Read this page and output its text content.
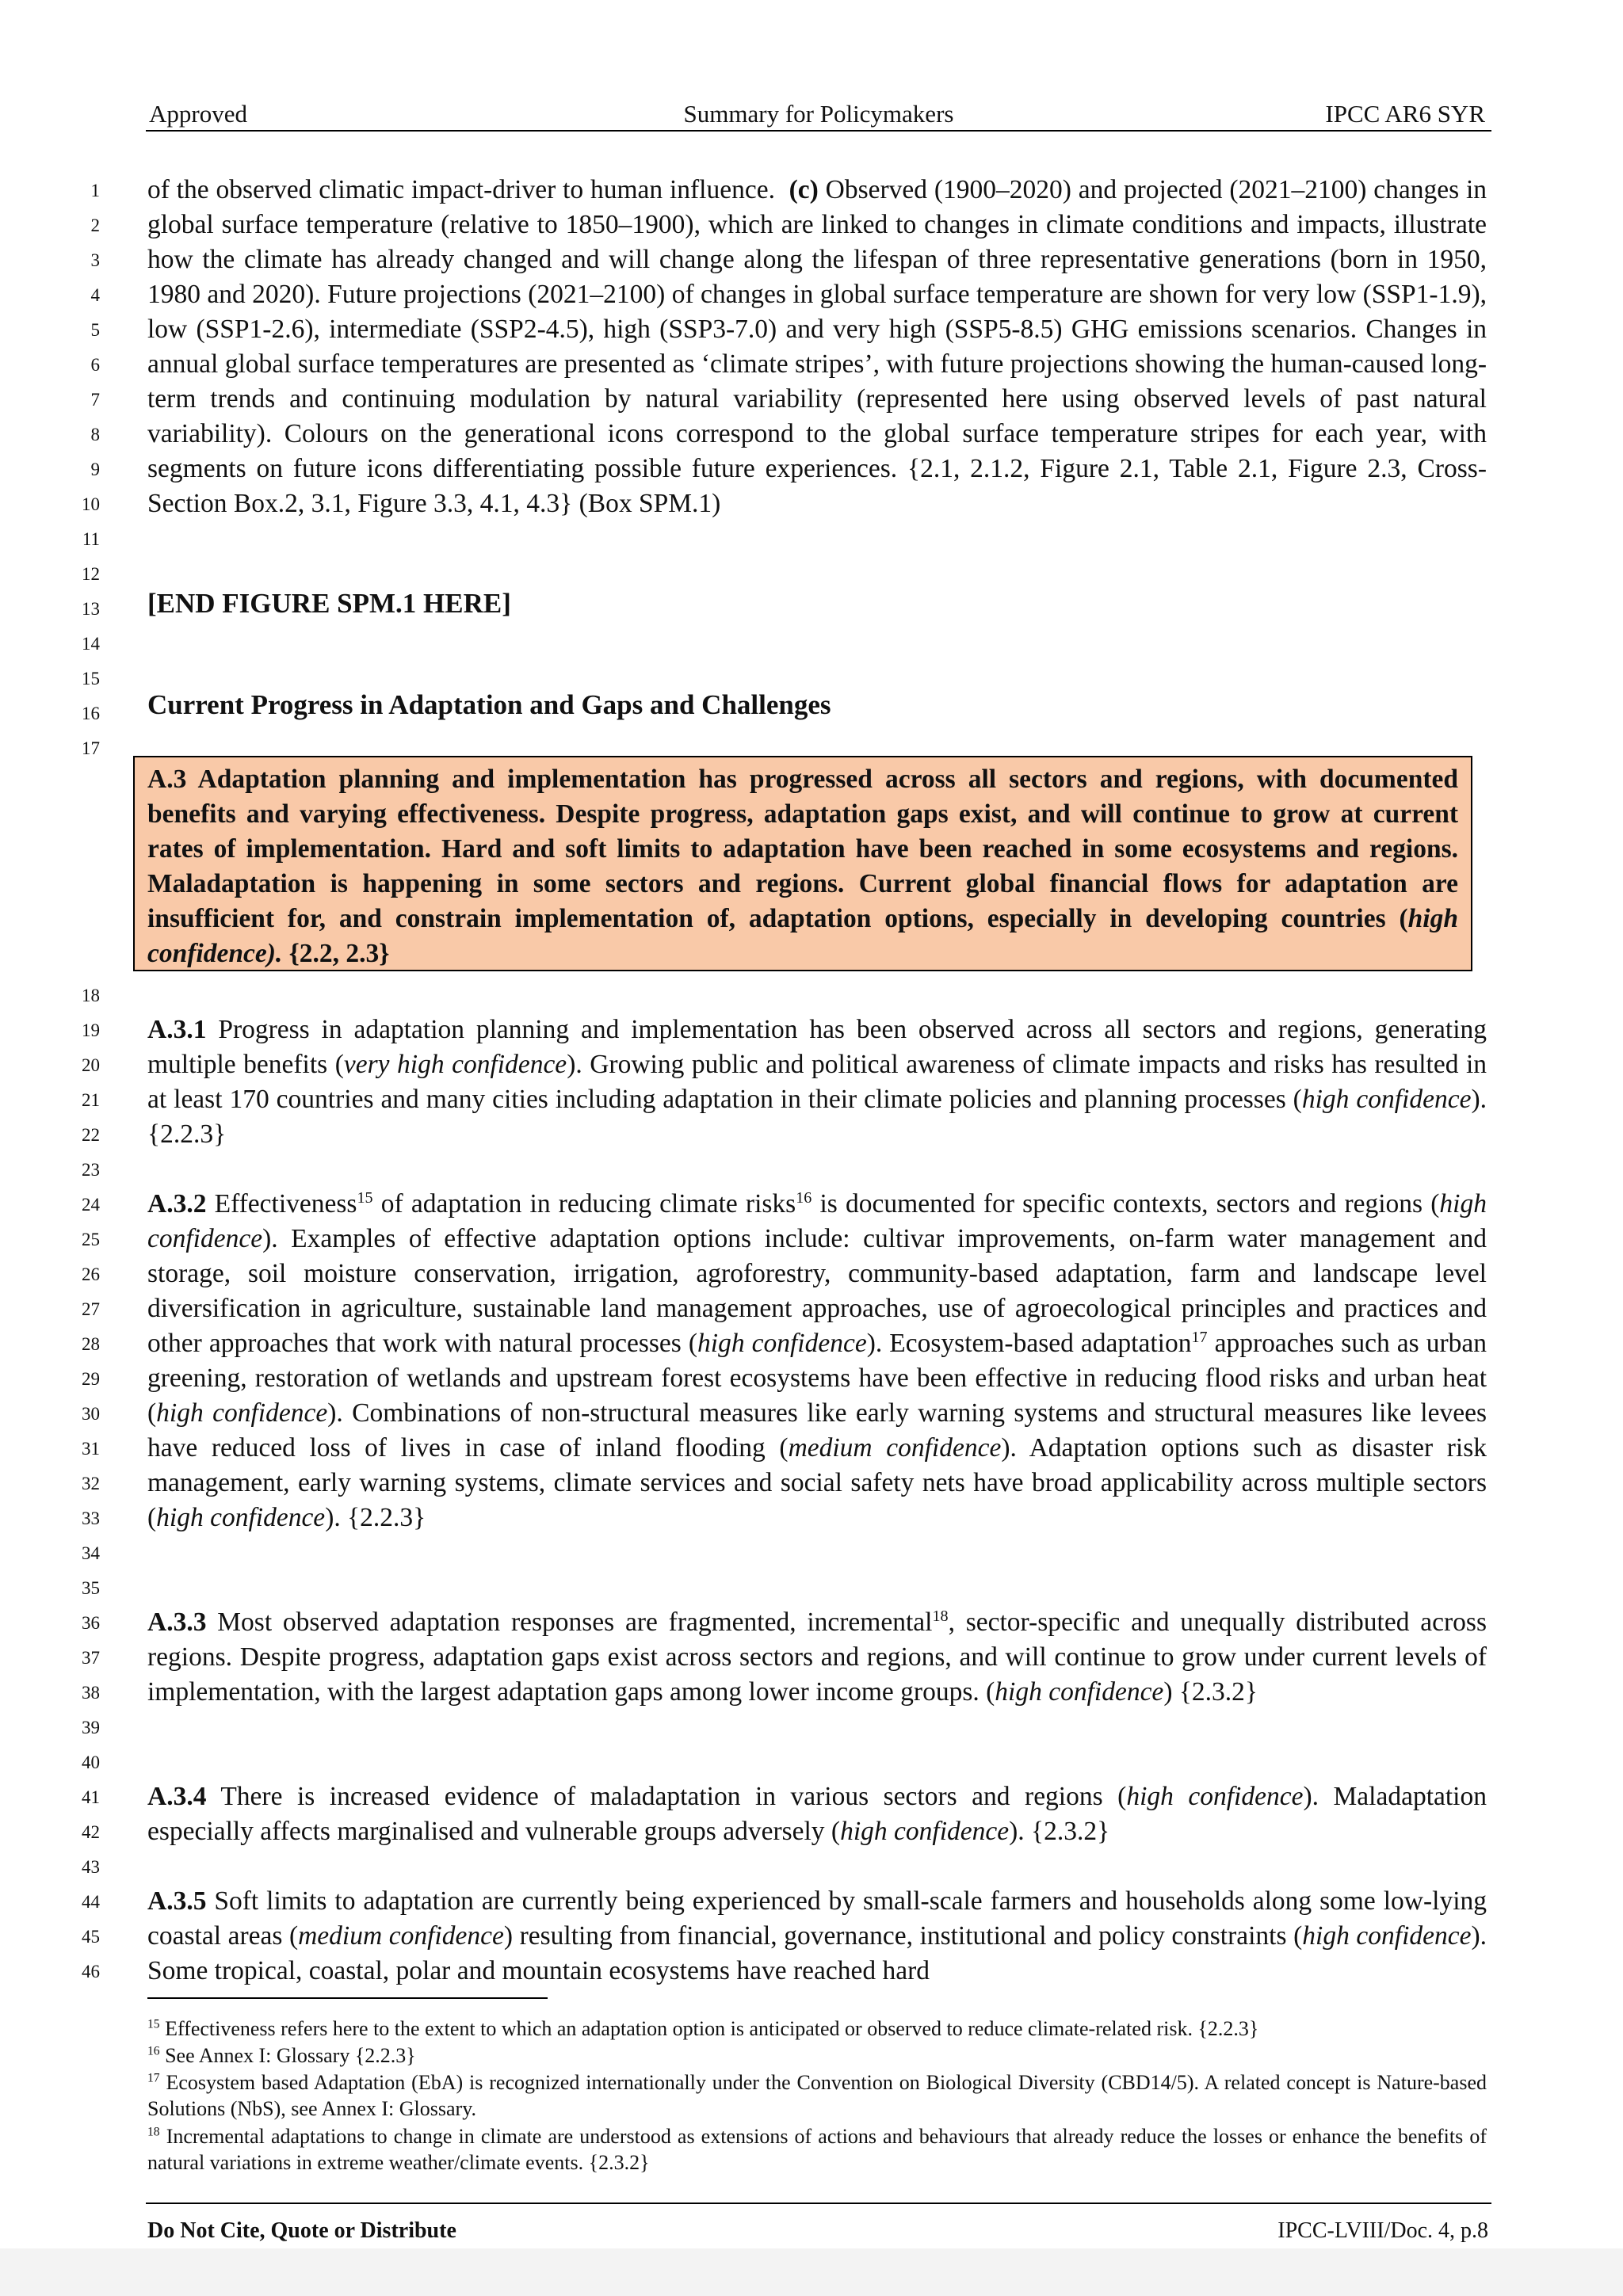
Approved	Summary for Policymakers	IPCC AR6 SYR
1
2
3
4
5
6
7
8
9
10
11
12
13
14
15
16
17
18
19
20
21
22
23
24
25
26
27
28
29
30
31
32
33
34
35
36
37
38
39
40
41
42
43
44
45
46
of the observed climatic impact-driver to human influence. (c) Observed (1900–2020) and projected (2021–2100) changes in global surface temperature (relative to 1850–1900), which are linked to changes in climate conditions and impacts, illustrate how the climate has already changed and will change along the lifespan of three representative generations (born in 1950, 1980 and 2020). Future projections (2021–2100) of changes in global surface temperature are shown for very low (SSP1-1.9), low (SSP1-2.6), intermediate (SSP2-4.5), high (SSP3-7.0) and very high (SSP5-8.5) GHG emissions scenarios. Changes in annual global surface temperatures are presented as ‘climate stripes’, with future projections showing the human-caused long-term trends and continuing modulation by natural variability (represented here using observed levels of past natural variability). Colours on the generational icons correspond to the global surface temperature stripes for each year, with segments on future icons differentiating possible future experiences. {2.1, 2.1.2, Figure 2.1, Table 2.1, Figure 2.3, Cross-Section Box.2, 3.1, Figure 3.3, 4.1, 4.3} (Box SPM.1)
[END FIGURE SPM.1 HERE]
Current Progress in Adaptation and Gaps and Challenges
A.3 Adaptation planning and implementation has progressed across all sectors and regions, with documented benefits and varying effectiveness. Despite progress, adaptation gaps exist, and will continue to grow at current rates of implementation. Hard and soft limits to adaptation have been reached in some ecosystems and regions. Maladaptation is happening in some sectors and regions. Current global financial flows for adaptation are insufficient for, and constrain implementation of, adaptation options, especially in developing countries (high confidence). {2.2, 2.3}
A.3.1 Progress in adaptation planning and implementation has been observed across all sectors and regions, generating multiple benefits (very high confidence). Growing public and political awareness of climate impacts and risks has resulted in at least 170 countries and many cities including adaptation in their climate policies and planning processes (high confidence). {2.2.3}
A.3.2 Effectiveness$^{15}$ of adaptation in reducing climate risks$^{16}$ is documented for specific contexts, sectors and regions (high confidence). Examples of effective adaptation options include: cultivar improvements, on-farm water management and storage, soil moisture conservation, irrigation, agroforestry, community-based adaptation, farm and landscape level diversification in agriculture, sustainable land management approaches, use of agroecological principles and practices and other approaches that work with natural processes (high confidence). Ecosystem-based adaptation$^{17}$ approaches such as urban greening, restoration of wetlands and upstream forest ecosystems have been effective in reducing flood risks and urban heat (high confidence). Combinations of non-structural measures like early warning systems and structural measures like levees have reduced loss of lives in case of inland flooding (medium confidence). Adaptation options such as disaster risk management, early warning systems, climate services and social safety nets have broad applicability across multiple sectors (high confidence). {2.2.3}
A.3.3 Most observed adaptation responses are fragmented, incremental$^{18}$, sector-specific and unequally distributed across regions. Despite progress, adaptation gaps exist across sectors and regions, and will continue to grow under current levels of implementation, with the largest adaptation gaps among lower income groups. (high confidence) {2.3.2}
A.3.4 There is increased evidence of maladaptation in various sectors and regions (high confidence). Maladaptation especially affects marginalised and vulnerable groups adversely (high confidence). {2.3.2}
A.3.5 Soft limits to adaptation are currently being experienced by small-scale farmers and households along some low-lying coastal areas (medium confidence) resulting from financial, governance, institutional and policy constraints (high confidence). Some tropical, coastal, polar and mountain ecosystems have reached hard
$^{15}$ Effectiveness refers here to the extent to which an adaptation option is anticipated or observed to reduce climate-related risk. {2.2.3}
$^{16}$ See Annex I: Glossary {2.2.3}
$^{17}$ Ecosystem based Adaptation (EbA) is recognized internationally under the Convention on Biological Diversity (CBD14/5). A related concept is Nature-based Solutions (NbS), see Annex I: Glossary.
$^{18}$ Incremental adaptations to change in climate are understood as extensions of actions and behaviours that already reduce the losses or enhance the benefits of natural variations in extreme weather/climate events. {2.3.2}
Do Not Cite, Quote or Distribute	IPCC-LVIII/Doc. 4, p.8
